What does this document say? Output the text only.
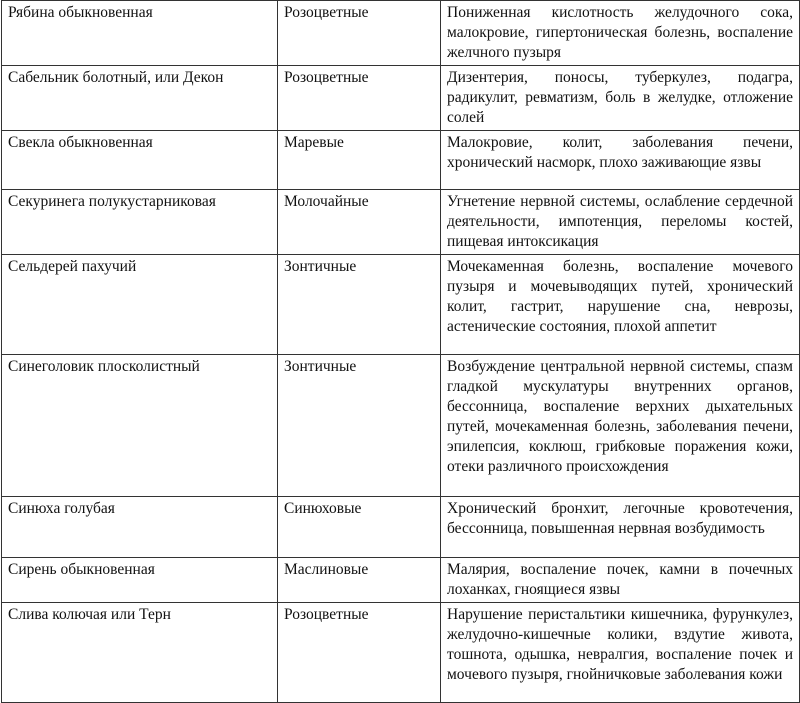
Рябина обыкновенная	Розоцветные	Пониженная кислотность желудочного сока, малокровие, гипертоническая болезнь, воспаление желчного пузыря
Сабельник болотный, или Декон	Розоцветные	Дизентерия, поносы, туберкулез, подагра, радикулит, ревматизм, боль в желудке, отложение солей
Свекла обыкновенная	Маревые	Малокровие, колит, заболевания печени, хронический насморк, плохо заживающие язвы
Секуринега полукустарниковая	Молочайные	Угнетение нервной системы, ослабление сердечной деятельности, импотенция, переломы костей, пищевая интоксикация
Сельдерей пахучий	Зонтичные	Мочекаменная болезнь, воспаление мочевого пузыря и мочевыводящих путей, хронический колит, гастрит, нарушение сна, неврозы, астенические состояния, плохой аппетит
Синеголовик плосколистный	Зонтичные	Возбуждение центральной нервной системы, спазм гладкой мускулатуры внутренних органов, бессонница, воспаление верхних дыхательных путей, мочекаменная болезнь, заболевания печени, эпилепсия, коклюш, грибковые поражения кожи, отеки различного происхождения
Синюха голубая	Синюховые	Хронический бронхит, легочные кровотечения, бессонница, повышенная нервная возбудимость
Сирень обыкновенная	Маслиновые	Малярия, воспаление почек, камни в почечных лоханках, гноящиеся язвы
Слива колючая или Терн	Розоцветные	Нарушение перистальтики кишечника, фурункулез, желудочно-кишечные колики, вздутие живота, тошнота, одышка, невралгия, воспаление почек и мочевого пузыря, гнойничковые заболевания кожи
